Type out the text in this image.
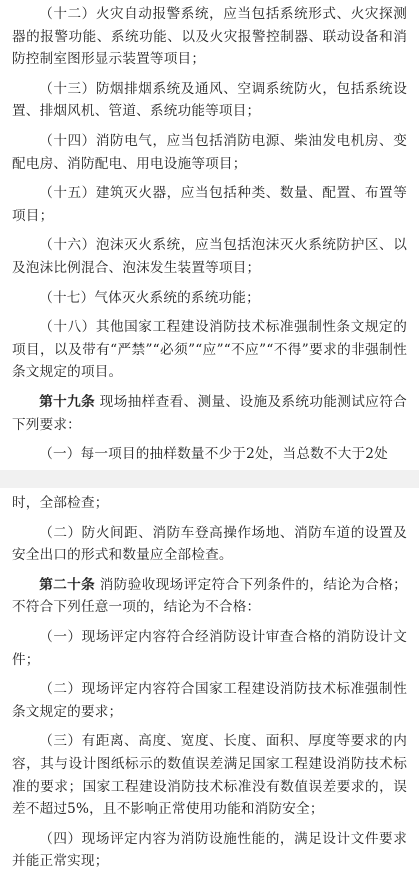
（十二）火灾自动报警系统，应当包括系统形式、火灾探测器的报警功能、系统功能、以及火灾报警控制器、联动设备和消防控制室图形显示装置等项目；

（十三）防烟排烟系统及通风、空调系统防火，包括系统设置、排烟风机、管道、系统功能等项目；

（十四）消防电气，应当包括消防电源、柴油发电机房、变配电房、消防配电、用电设施等项目；

（十五）建筑灭火器，应当包括种类、数量、配置、布置等项目；

（十六）泡沫灭火系统，应当包括泡沫灭火系统防护区、以及泡沫比例混合、泡沫发生装置等项目；

（十七）气体灭火系统的系统功能；

（十八）其他国家工程建设消防技术标准强制性条文规定的项目，以及带有“严禁”“必须”“应”“不应”“不得”要求的非强制性条文规定的项目。

第十九条 现场抽样查看、测量、设施及系统功能测试应符合下列要求：

（一）每一项目的抽样数量不少于2处，当总数不大于2处

时，全部检查；

（二）防火间距、消防车登高操作场地、消防车道的设置及安全出口的形式和数量应全部检查。

第二十条 消防验收现场评定符合下列条件的，结论为合格；不符合下列任意一项的，结论为不合格：

（一）现场评定内容符合经消防设计审查合格的消防设计文件；

（二）现场评定内容符合国家工程建设消防技术标准强制性条文规定的要求；

（三）有距离、高度、宽度、长度、面积、厚度等要求的内容，其与设计图纸标示的数值误差满足国家工程建设消防技术标准的要求；国家工程建设消防技术标准没有数值误差要求的，误差不超过5%，且不影响正常使用功能和消防安全；

（四）现场评定内容为消防设施性能的，满足设计文件要求并能正常实现；
